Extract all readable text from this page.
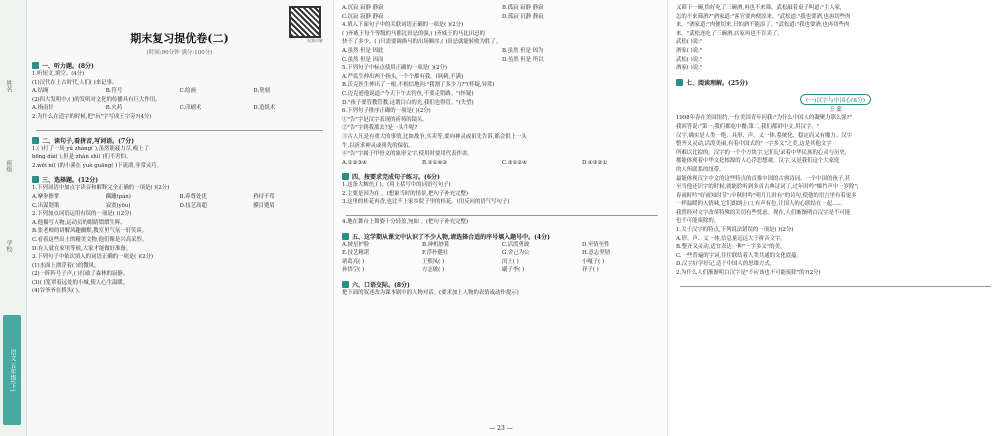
姓名
班级
学校
语文 五年级(下)
视频讲解
期末复习提优卷(二)
(时间:90分钟 满分:100分)
一、听力题。(8分)
1.听短文,填空。(4分)
(1)汉代在上古时代,人们( )来记事。
A.结绳	B.符号	C.绘画	D.契刻
(2)四大发明中,( )的发明对文化的传播具有巨大作用。
A.指南针	B.火药	C.印刷术	D.造纸术
2.为什么在造字的时候,把"玩"字写成王字旁?(4分)
二、读句子,看拼音,写词语。(7分)
1.( )打了一场 yǔ zhàng( ),虽然筋疲力尽,瘦上了
bēng dài( ),但是 zhàn shì( )们不害怕。
2.wēi ní( )的小溪在 yuè guāng( )下流淌,非常灵巧。
三、选择题。(12分)
1.下列词语中加点字读音和解释完全正确的一项是( )(2分)
A.摩拳擦掌	蹒跚(pán)	B.养尊处优	矜持不苟
C.出谋划策	寂寞(yōu)	D.技艺高超	膜目蹙眉
2.下列加点词语运用有误的一项是( )(2分)
A.他描写人物,运动员的眼睛熠熠生辉。
B.张老师的讲解风趣幽默,教室里气氛一轩笑谈。
C.看着这些出土的精美文物,他们像是兴高采烈。
D.有人就在家里等候,大家才能做好准备。
3.下列句子中依次填入的词语正确的一项是( )(2分)
(1)水面上漂浮着( )的微风。
(2)一阵阵号子声,( )打破了森林的寂静。
(3)( )笼罩着远处的小城,使人心生温暖。
(4)谷爷爷在桥头( )。
A.沉寂 寂静 静寂	B.孤寂 寂静 静寂
C.沉寂 寂静 静寂	D.孤寂 沉静 静寂
4.填入下面句子中的关联词语正确的一项是( )(2分)
( )齐威王每个等级的马都比田忌的强,( )齐威王的马比田忌的
快不了多少。( )只需要调换马的出场顺序,( )田忌就能转败为胜了。
A.虽然 但是 因此	B.虽然 但是 因为
C.虽然 但是 因而	D.虽然 但是 所以
5.下列句子中标点使用正确的一项是( )(2分)
A.严监生伸出两个指头,一个个都有我。(讽刺,不满)
B.沃克医生伸出了一根,不相信地问:"我割了多少刀?"(怀疑,异常)
C.迈克逊他说道:"今天下午去钓鱼,不要走错路。"(怀疑)
D."孩子要管教管教,这谓白白的光,我们也得管。"(失望)
6.下列句子排序正确的一项是( )(2分)
①"告"字是汉字表现的祈祷的镜头。
②"告"字到我那去?是一头牛呢?
③古人凡是有重大的事情,比如战争,买卖等,要向神灵或祖先告诉,都会供上一头
牛,以祈求神灵或祖先的保佑。
④"告"字属于甲骨文的象形文字,使用时要用代表作讲。
A.①②③④	B.②①④③	C.③①②④	D.④③②①
四、按要求完成句子练习。(6分)
1.这条大鲸鱼,( )。(用上括号中的词语写句子)
2.主要是因为在 。(想象当时的情景,把句子补充完整)
3.这里的桂花再香,也比不上家乡院子里的桂花。(用反问的语气写句子)
4.地在舞台上舞姿十分轻盈,宛如 。(把句子补充完整)
五、这学期从课文中认识了不少人物,请选择合适的序号填入题号中。(4分)
A.披星护脸	B.神机妙算	C.活泼勇敢	D.至情至性
E.技艺精湛	F.浮朴健壮	G.舍己为公	H.意志坚韧
诸葛亮( )	王熙凤( )	闰土( )	小嘎子( )
孙悟空( )	方志敏( )	刷子李( )	祥子( )
六、口语交际。(8分)
把下面的叙述改为课本剧中的人物对话。(要求加上人物的表情或动作提示)
— 23 —
又筛下一碗,恰好吃了三碗酒,再也不来筛。武松敲着桌子叫道:"主人家,
怎的不来筛酒?"酒家道:"客官要肉便添来。"武松道:"我也要酒,也再切些肉
来。"酒家道:"肉便切来,只怕酒不能添了。"武松道:"我也要酒,也再切些肉
来。"武松连吃了三碗酒,店家再也不肯卖了。
武松( )说:"
酒家( )说:"
武松( )说:"
酒家( )说:"
七、阅读理解。(25分)
(一)汉字与中国心(8分)
王 蒙
1998年春在美国纽约,一位美国青年问我:"为什么中国人的凝聚力那么强?"
我回答说:"第一,我们都吃中餐;第二,我们都讲中文,用汉字。"
汉字,确实是人类一绝。具形、声、义一体,系统化、稳定而又有魔力。汉字
整齐又灵动,活泼美丽,有着中国式的"一字多义"之美,这是其他文字
所难以比拟的。汉字的一个个方块字,它们记录着中华民族的心灵与历史,
都能体现着中华文化根源的人心浮思想观。汉字,又是我们这个大家庭
的人所联系的纽带。
最能体现汉字中文的这些特点的首推中国的古典诗词。一个中国的孩子,甚
至当他还识字的时候,就能聆听到多首古典诗词了,过年时吟"爆竹声中一岁除";
春雨时吟"好雨知时节";中秋时吟"明月几时有"的诗句,使他的语言里有着更多
一样温暖的人情味,它们朗朗上口,有声有色,让国人的心联结在一起......
我曾经对文字改革特殊的关切有些忧虑。现在,人们渐渐明白汉字是不可能
也不可能废除的。
1.关于汉字的特点,下列说法错误的一项是( )(2分)
A.形、声、义一体,信息量远远大于拼音文字。
B.整齐又灵动,适宜表达一种"一字多义"的美。
C.一些普遍的字词,往往联结着人类共通的文化底蕴。
D.汉字好学好记,适于中国人的思维方式。
2.为什么人们渐渐明白汉字是"不应该也不可能废除"的?(2分)
